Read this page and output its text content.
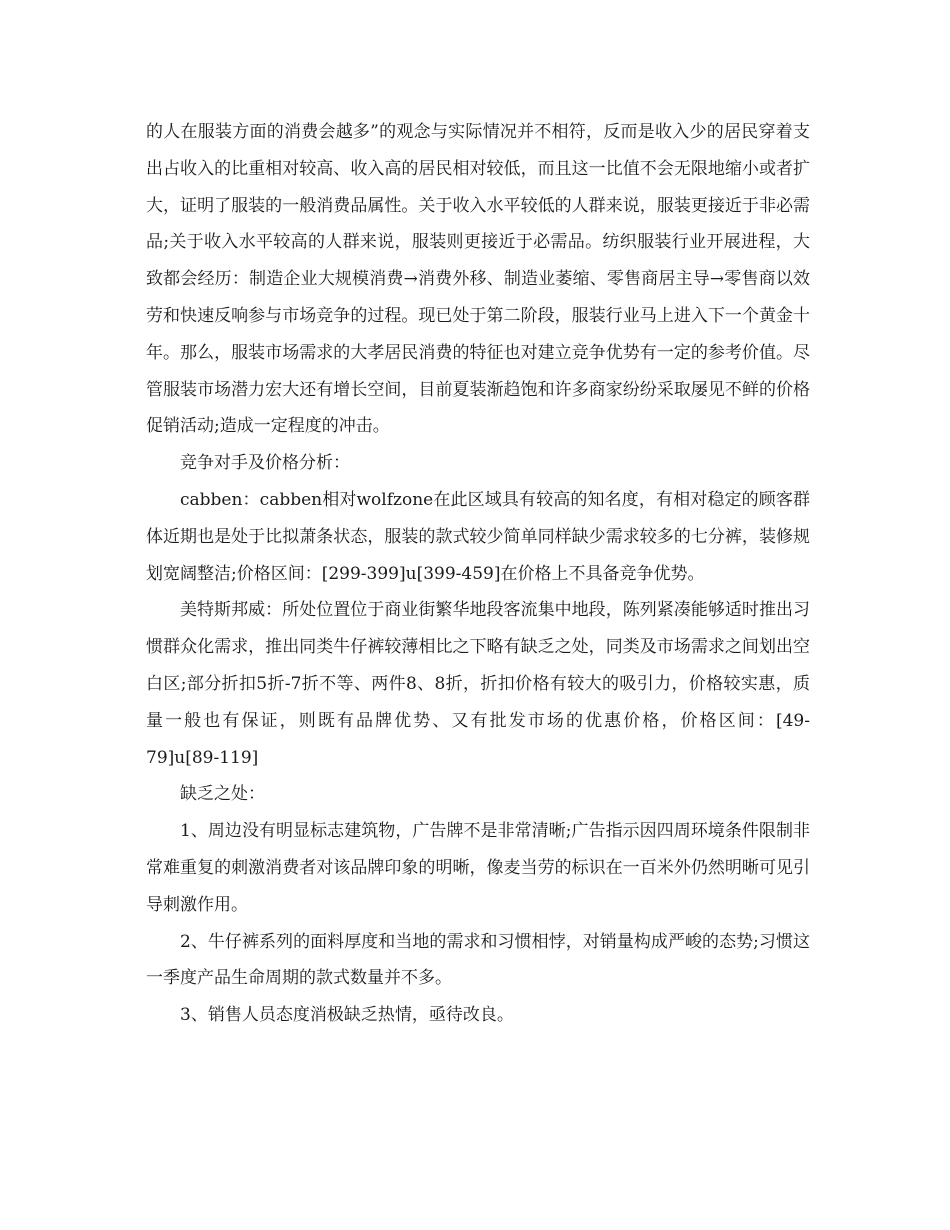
的人在服装方面的消费会越多”的观念与实际情况并不相符，反而是收入少的居民穿着支出占收入的比重相对较高、收入高的居民相对较低，而且这一比值不会无限地缩小或者扩大，证明了服装的一般消费品属性。关于收入水平较低的人群来说，服装更接近于非必需品;关于收入水平较高的人群来说，服装则更接近于必需品。纺织服装行业开展进程，大致都会经历：制造企业大规模消费→消费外移、制造业萎缩、零售商居主导→零售商以效劳和快速反响参与市场竞争的过程。现已处于第二阶段，服装行业马上进入下一个黄金十年。那么，服装市场需求的大孝居民消费的特征也对建立竞争优势有一定的参考价值。尽管服装市场潜力宏大还有增长空间，目前夏装渐趋饱和许多商家纷纷采取屡见不鲜的价格促销活动;造成一定程度的冲击。

竞争对手及价格分析：

cabben：cabben相对wolfzone在此区域具有较高的知名度，有相对稳定的顾客群体近期也是处于比拟萧条状态，服装的款式较少简单同样缺少需求较多的七分裤，装修规划宽阔整洁;价格区间：[299-399]u[399-459]在价格上不具备竞争优势。

美特斯邦威：所处位置位于商业街繁华地段客流集中地段，陈列紧凑能够适时推出习惯群众化需求，推出同类牛仔裤较薄相比之下略有缺乏之处，同类及市场需求之间划出空白区;部分折扣5折-7折不等、两件8、8折，折扣价格有较大的吸引力，价格较实惠，质量一般也有保证，则既有品牌优势、又有批发市场的优惠价格，价格区间：[49-79]u[89-119]

缺乏之处：

1、周边没有明显标志建筑物，广告牌不是非常清晰;广告指示因四周环境条件限制非常难重复的刺激消费者对该品牌印象的明晰，像麦当劳的标识在一百米外仍然明晰可见引导刺激作用。

2、牛仔裤系列的面料厚度和当地的需求和习惯相悖，对销量构成严峻的态势;习惯这一季度产品生命周期的款式数量并不多。

3、销售人员态度消极缺乏热情，亟待改良。
